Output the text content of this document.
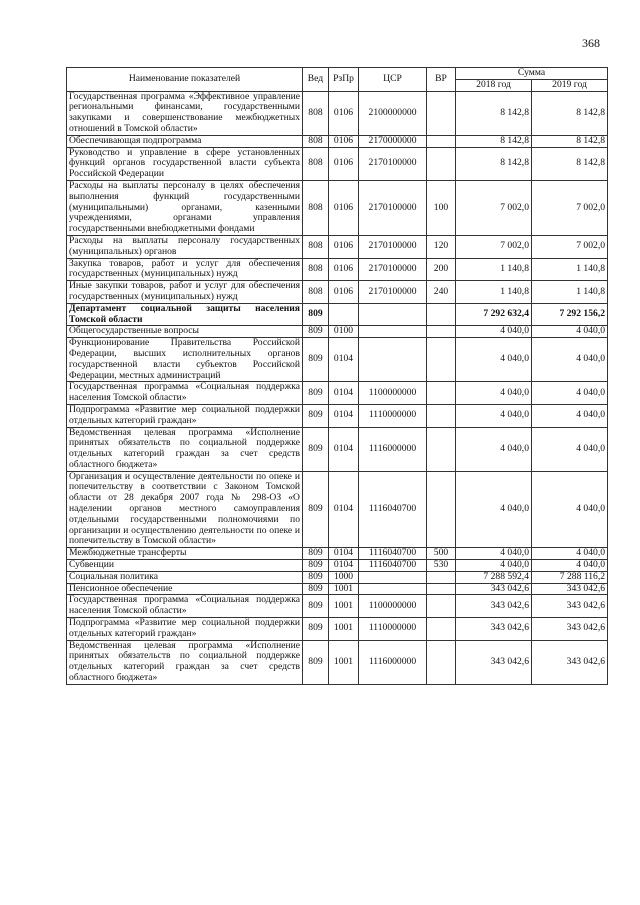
368
Наименование показателей	Вед	РзПр	ЦСР	ВР	Сумма	
					2018 год	2019 год
Государственная программа «Эффективное управление региональными финансами, государственными закупками и совершенствование межбюджетных отношений в Томской области»	808	0106	2100000000		8 142,8	8 142,8
Обеспечивающая подпрограмма	808	0106	2170000000		8 142,8	8 142,8
Руководство и управление в сфере установленных функций органов государственной власти субъекта Российской Федерации	808	0106	2170100000		8 142,8	8 142,8
Расходы на выплаты персоналу в целях обеспечения выполнения функций государственными (муниципальными) органами, казенными учреждениями, органами управления государственными внебюджетными фондами	808	0106	2170100000	100	7 002,0	7 002,0
Расходы на выплаты персоналу государственных (муниципальных) органов	808	0106	2170100000	120	7 002,0	7 002,0
Закупка товаров, работ и услуг для обеспечения государственных (муниципальных) нужд	808	0106	2170100000	200	1 140,8	1 140,8
Иные закупки товаров, работ и услуг для обеспечения государственных (муниципальных) нужд	808	0106	2170100000	240	1 140,8	1 140,8
Департамент социальной защиты населения Томской области	809				7 292 632,4	7 292 156,2
Общегосударственные вопросы	809	0100			4 040,0	4 040,0
Функционирование Правительства Российской Федерации, высших исполнительных органов государственной власти субъектов Российской Федерации, местных администраций	809	0104			4 040,0	4 040,0
Государственная программа «Социальная поддержка населения Томской области»	809	0104	1100000000		4 040,0	4 040,0
Подпрограмма «Развитие мер социальной поддержки отдельных категорий граждан»	809	0104	1110000000		4 040,0	4 040,0
Ведомственная целевая программа «Исполнение принятых обязательств по социальной поддержке отдельных категорий граждан за счет средств областного бюджета»	809	0104	1116000000		4 040,0	4 040,0
Организация и осуществление деятельности по опеке и попечительству в соответствии с Законом Томской области от 28 декабря 2007 года № 298-ОЗ «О наделении органов местного самоуправления отдельными государственными полномочиями по организации и осуществлению деятельности по опеке и попечительству в Томской области»	809	0104	1116040700		4 040,0	4 040,0
Межбюджетные трансферты	809	0104	1116040700	500	4 040,0	4 040,0
Субвенции	809	0104	1116040700	530	4 040,0	4 040,0
Социальная политика	809	1000			7 288 592,4	7 288 116,2
Пенсионное обеспечение	809	1001			343 042,6	343 042,6
Государственная программа «Социальная поддержка населения Томской области»	809	1001	1100000000		343 042,6	343 042,6
Подпрограмма «Развитие мер социальной поддержки отдельных категорий граждан»	809	1001	1110000000		343 042,6	343 042,6
Ведомственная целевая программа «Исполнение принятых обязательств по социальной поддержке отдельных категорий граждан за счет средств областного бюджета»	809	1001	1116000000		343 042,6	343 042,6
